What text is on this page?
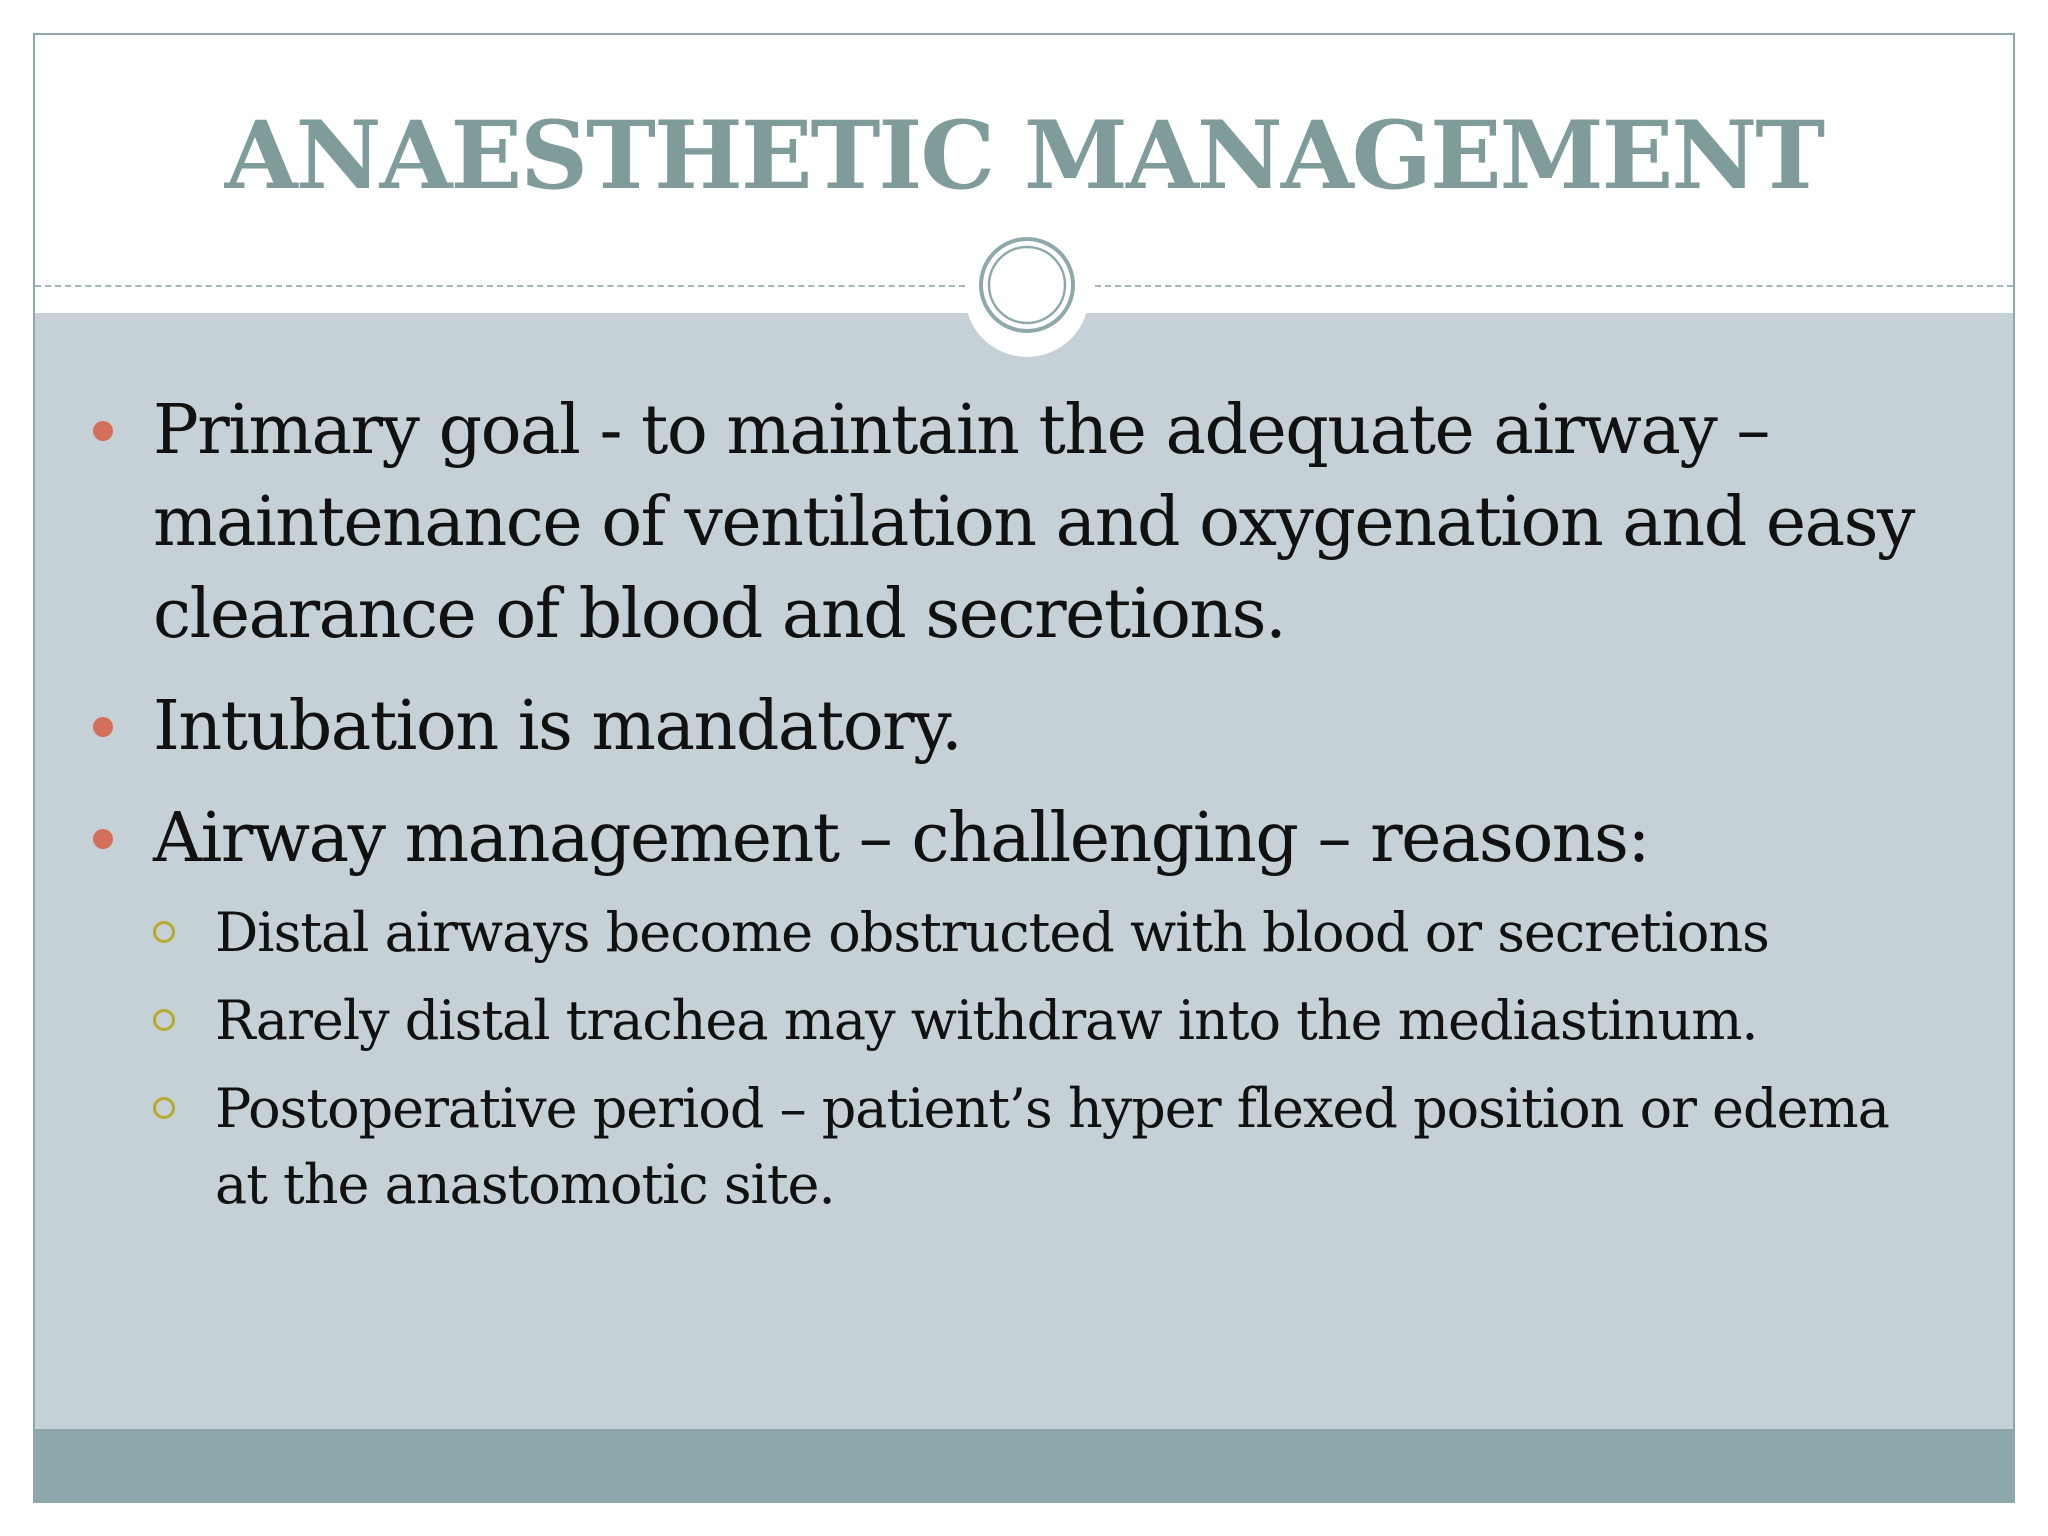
ANAESTHETIC MANAGEMENT
Primary goal - to maintain the adequate airway – maintenance of ventilation and oxygenation and easy clearance of blood and secretions.
Intubation is mandatory.
Airway management – challenging – reasons:
Distal airways become obstructed with blood or secretions
Rarely distal trachea may withdraw into the mediastinum.
Postoperative period – patient’s hyper flexed position or edema at the anastomotic site.
